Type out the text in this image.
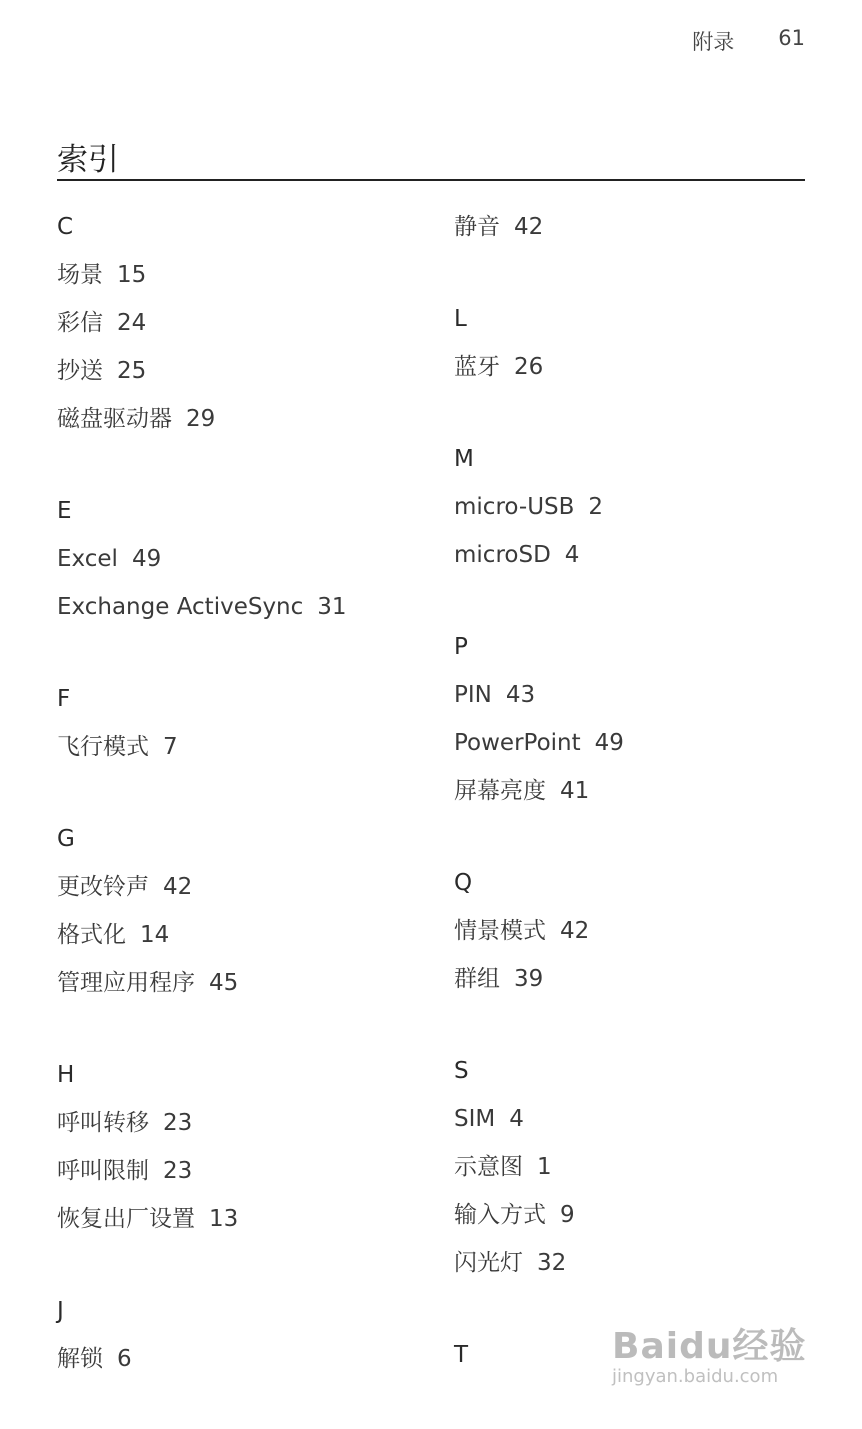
附录 61
索引
C
场景 15
彩信 24
抄送 25
磁盘驱动器 29
E
Excel 49
Exchange ActiveSync 31
F
飞行模式 7
G
更改铃声 42
格式化 14
管理应用程序 45
H
呼叫转移 23
呼叫限制 23
恢复出厂设置 13
J
解锁 6
静音 42
L
蓝牙 26
M
micro-USB 2
microSD 4
P
PIN 43
PowerPoint 49
屏幕亮度 41
Q
情景模式 42
群组 39
S
SIM 4
示意图 1
输入方式 9
闪光灯 32
T	Baidu经验
jingyan.baidu.com
